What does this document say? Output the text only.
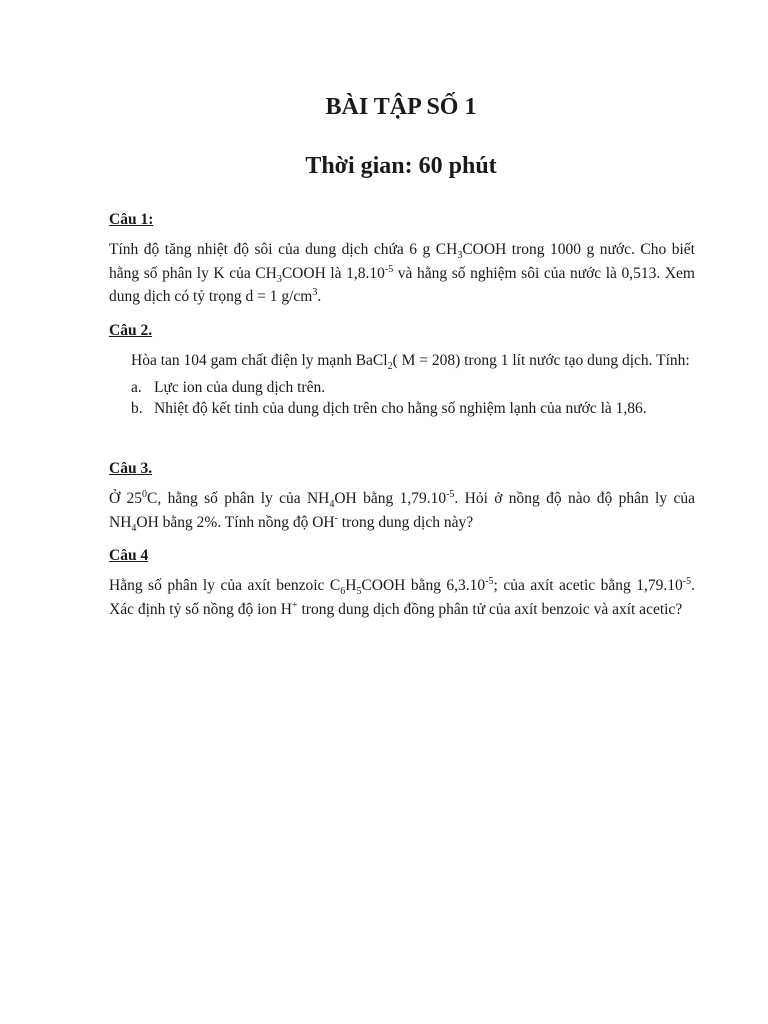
BÀI TẬP SỐ 1
Thời gian: 60 phút

Câu 1:

Tính độ tăng nhiệt độ sôi của dung dịch chứa 6 g $CH_3COOH$ trong 1000 g nước. Cho biết hằng số phân ly K của $CH_3COOH$ là $1,8.10^{-5}$ và hằng số nghiệm sôi của nước là 0,513. Xem dung dịch có tỷ trọng d = 1 $g/cm^3$.

Câu 2.

Hòa tan 104 gam chất điện ly mạnh BaCl$_2$( M = 208) trong 1 lít nước tạo dung dịch. Tính:

a. Lực ion của dung dịch trên.
b. Nhiệt độ kết tinh của dung dịch trên cho hằng số nghiệm lạnh của nước là 1,86.

Câu 3.

Ở $25^0C$, hằng số phân ly của $NH_4OH$ bằng $1,79.10^{-5}$. Hỏi ở nồng độ nào độ phân ly của $NH_4OH$ bằng 2%. Tính nồng độ OH- trong dung dịch này?

Câu 4

Hằng số phân ly của axít benzoic $C_6H_5COOH$ bằng $6,3.10^{-5}$; của axít acetic bằng $1,79.10^{-5}$. Xác định tỷ số nồng độ ion H+ trong dung dịch đồng phân tử của axít benzoic và axít acetic?
